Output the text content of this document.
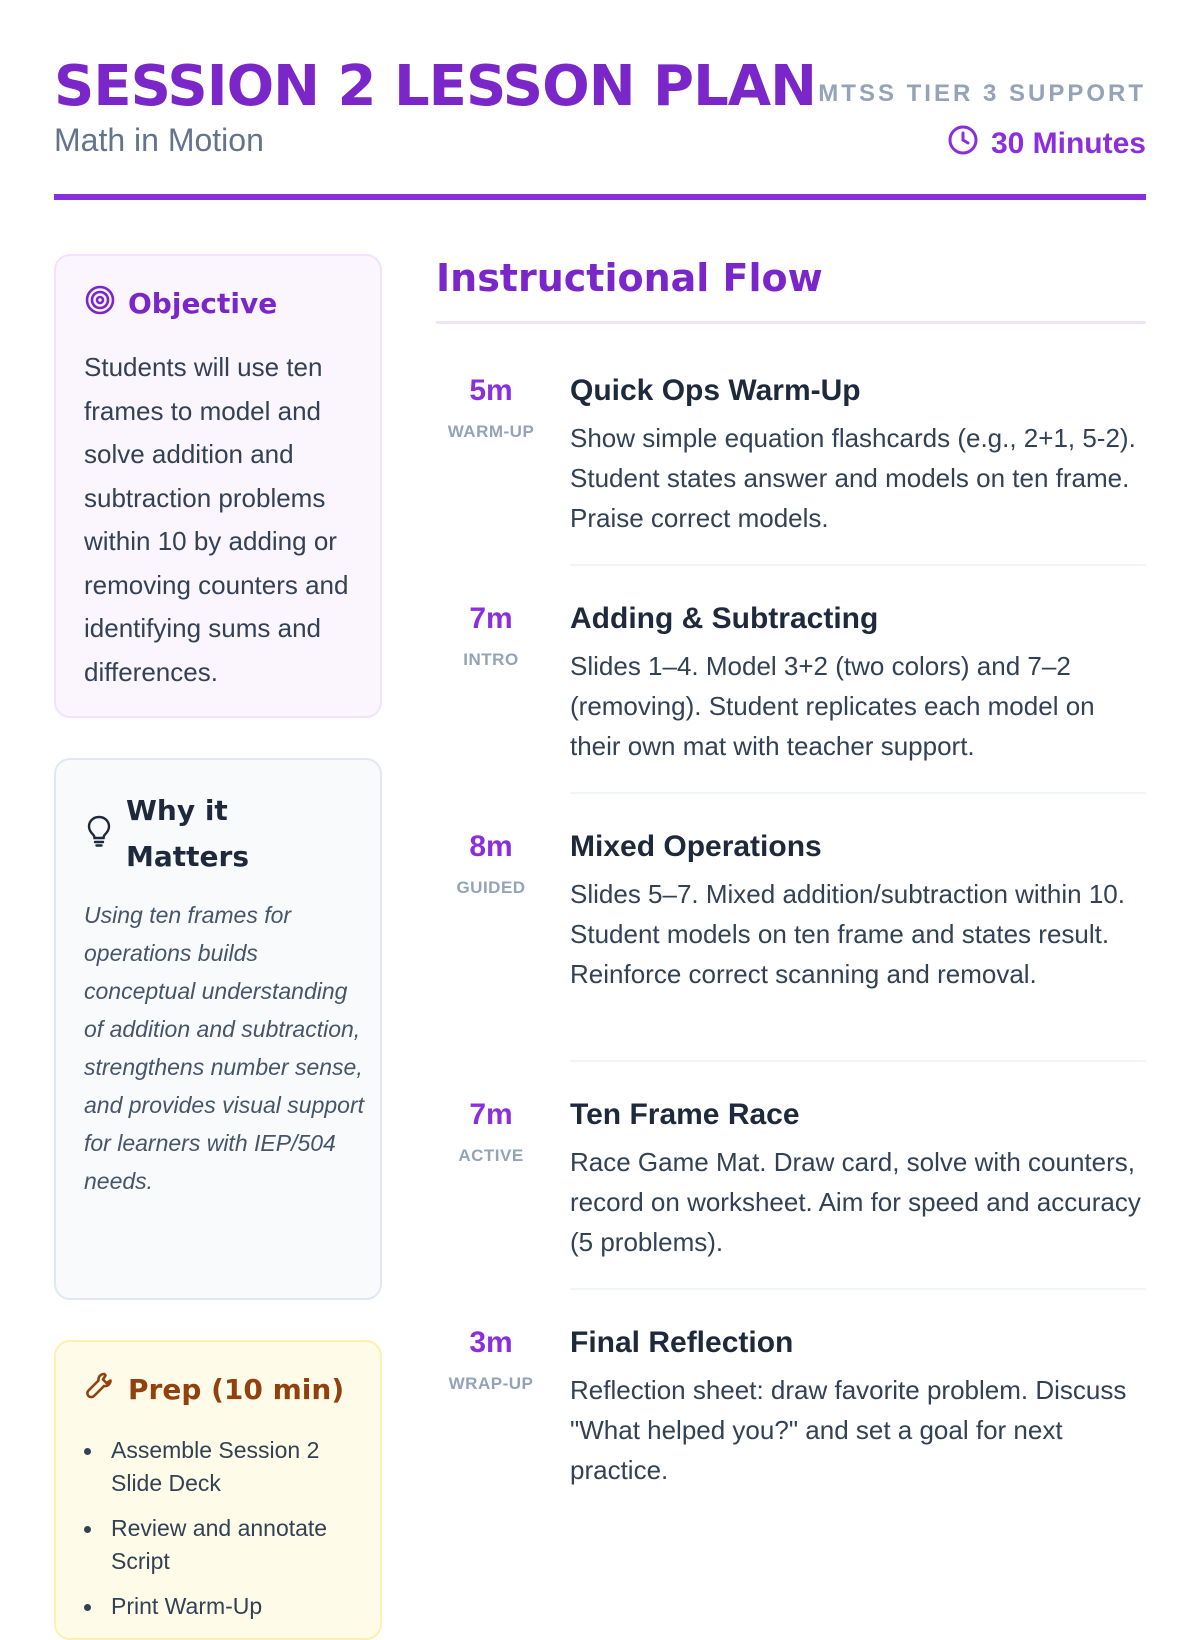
SESSION 2 LESSON PLAN
Math in Motion
MTSS TIER 3 SUPPORT
30 Minutes
Objective
Students will use ten frames to model and solve addition and subtraction problems within 10 by adding or removing counters and identifying sums and differences.
Why it Matters
Using ten frames for operations builds conceptual understanding of addition and subtraction, strengthens number sense, and provides visual support for learners with IEP/504 needs.
Prep (10 min)
Assemble Session 2 Slide Deck
Review and annotate Script
Print Warm-Up
Instructional Flow
5m
WARM-UP
Quick Ops Warm-Up
Show simple equation flashcards (e.g., 2+1, 5-2). Student states answer and models on ten frame. Praise correct models.
7m
INTRO
Adding & Subtracting
Slides 1–4. Model 3+2 (two colors) and 7–2 (removing). Student replicates each model on their own mat with teacher support.
8m
GUIDED
Mixed Operations
Slides 5–7. Mixed addition/subtraction within 10. Student models on ten frame and states result. Reinforce correct scanning and removal.
7m
ACTIVE
Ten Frame Race
Race Game Mat. Draw card, solve with counters, record on worksheet. Aim for speed and accuracy (5 problems).
3m
WRAP-UP
Final Reflection
Reflection sheet: draw favorite problem. Discuss "What helped you?" and set a goal for next practice.
